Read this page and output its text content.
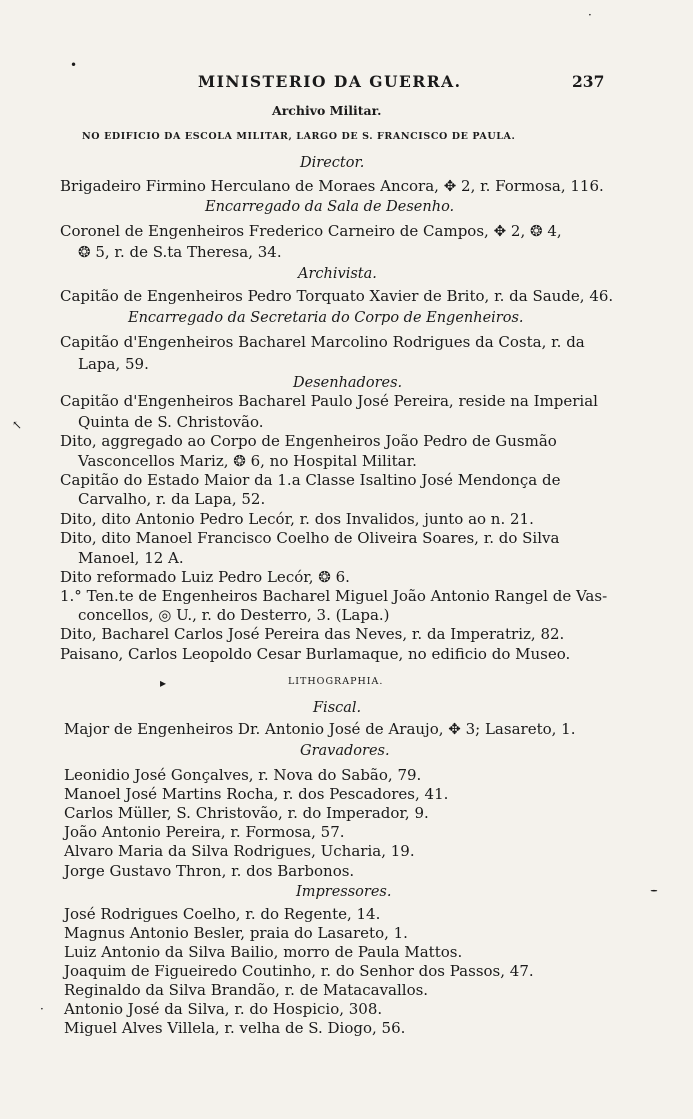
MINISTERIO DA GUERRA.	237
Archivo Militar.
NO EDIFICIO DA ESCOLA MILITAR, LARGO DE S. FRANCISCO DE PAULA.
Director.
Brigadeiro Firmino Herculano de Moraes Ancora, ✥ 2, r. Formosa, 116.
Encarregado da Sala de Desenho.
Coronel de Engenheiros Frederico Carneiro de Campos, ✥ 2, ❂ 4,
❂ 5, r. de S.ta Theresa, 34.
Archivista.
Capitão de Engenheiros Pedro Torquato Xavier de Brito, r. da Saude, 46.
Encarregado da Secretaria do Corpo de Engenheiros.
Capitão d'Engenheiros Bacharel Marcolino Rodrigues da Costa, r. da
Lapa, 59.
Desenhadores.
Capitão d'Engenheiros Bacharel Paulo José Pereira, reside na Imperial
Quinta de S. Christovão.
Dito, aggregado ao Corpo de Engenheiros João Pedro de Gusmão
Vasconcellos Mariz, ❂ 6, no Hospital Militar.
Capitão do Estado Maior da 1.a Classe Isaltino José Mendonça de
Carvalho, r. da Lapa, 52.
Dito, dito Antonio Pedro Lecór, r. dos Invalidos, junto ao n. 21.
Dito, dito Manoel Francisco Coelho de Oliveira Soares, r. do Silva
Manoel, 12 A.
Dito reformado Luiz Pedro Lecór, ❂ 6.
1.° Ten.te de Engenheiros Bacharel Miguel João Antonio Rangel de Vas-
concellos, ◎ U., r. do Desterro, 3. (Lapa.)
Dito, Bacharel Carlos José Pereira das Neves, r. da Imperatriz, 82.
Paisano, Carlos Leopoldo Cesar Burlamaque, no edificio do Museo.
LITHOGRAPHIA.
Fiscal.
Major de Engenheiros Dr. Antonio José de Araujo, ✥ 3; Lasareto, 1.
Gravadores.
Leonidio José Gonçalves, r. Nova do Sabão, 79.
Manoel José Martins Rocha, r. dos Pescadores, 41.
Carlos Müller, S. Christovão, r. do Imperador, 9.
João Antonio Pereira, r. Formosa, 57.
Alvaro Maria da Silva Rodrigues, Ucharia, 19.
Jorge Gustavo Thron, r. dos Barbonos.
Impressores.
José Rodrigues Coelho, r. do Regente, 14.
Magnus Antonio Besler, praia do Lasareto, 1.
Luiz Antonio da Silva Bailio, morro de Paula Mattos.
Joaquim de Figueiredo Coutinho, r. do Senhor dos Passos, 47.
Reginaldo da Silva Brandão, r. de Matacavallos.
Antonio José da Silva, r. do Hospicio, 308.
Miguel Alves Villela, r. velha de S. Diogo, 56.
•
·
↖
▸
·
·
